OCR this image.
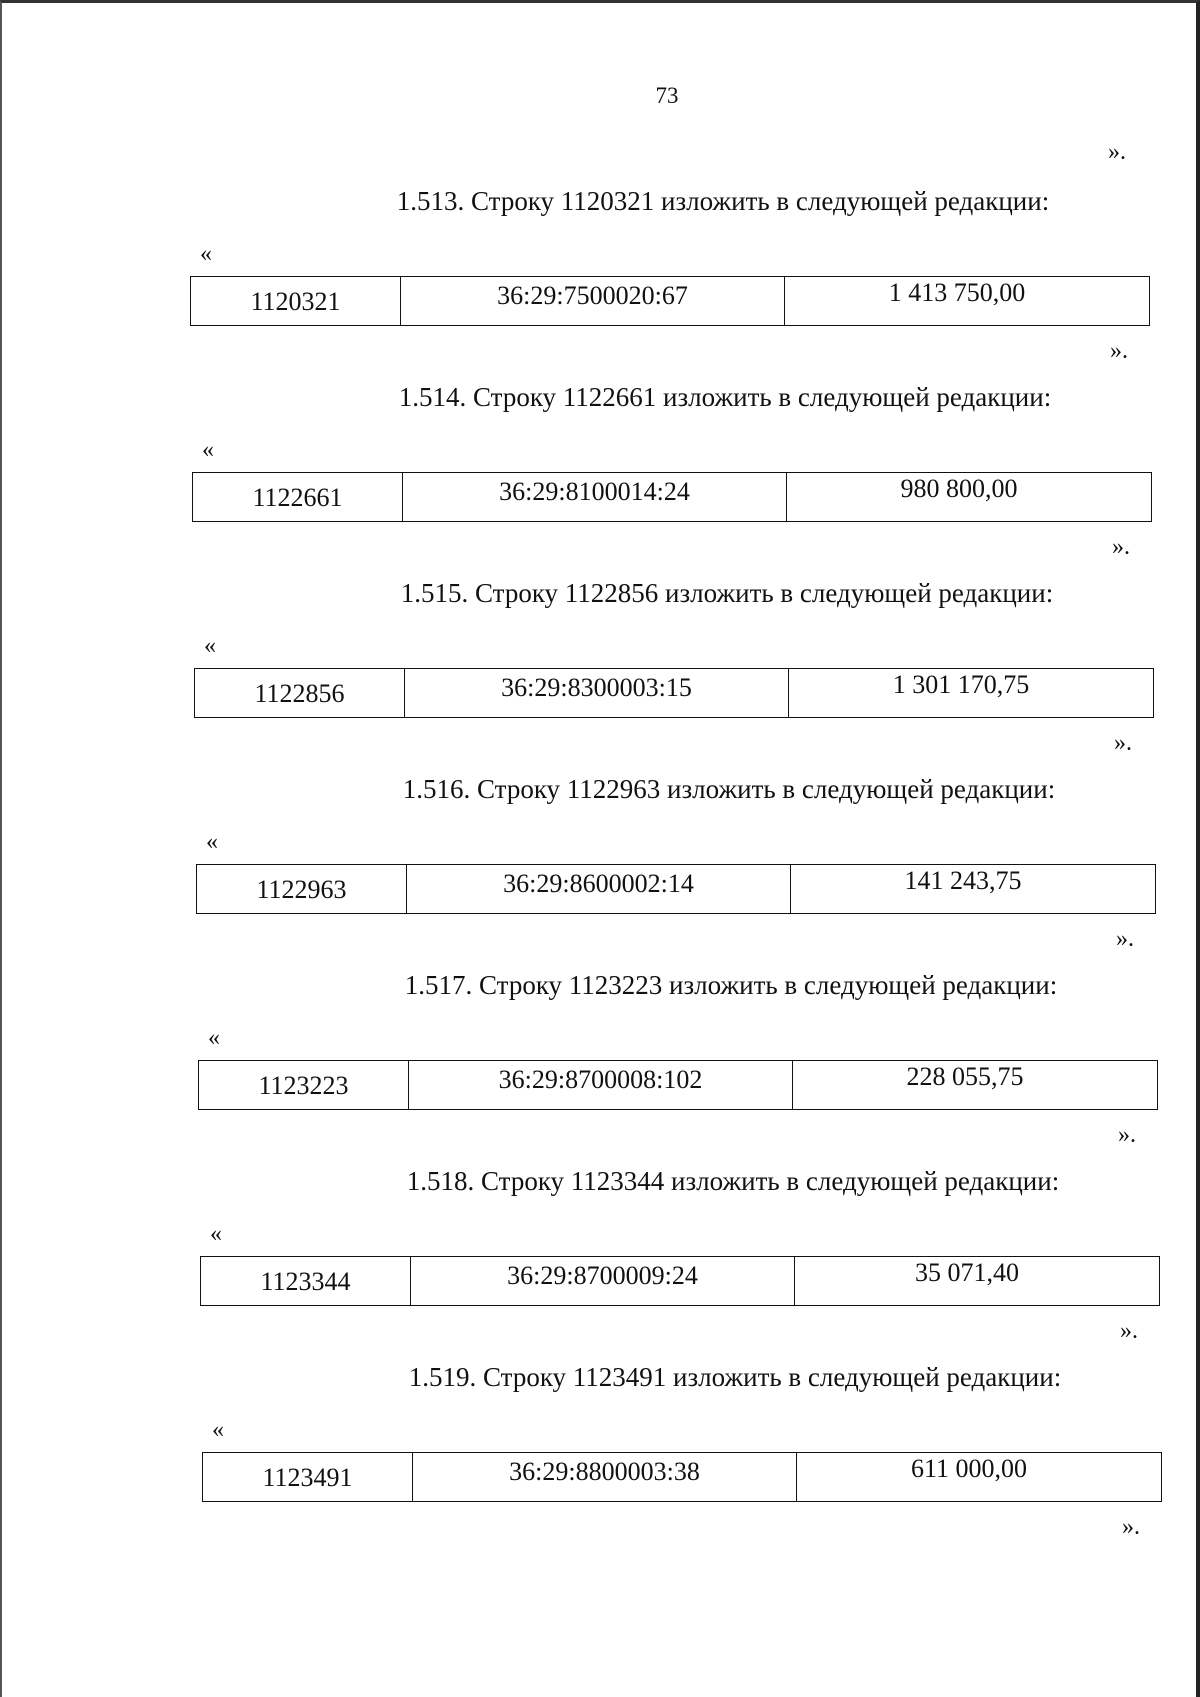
73
».
1.513. Строку 1120321 изложить в следующей редакции:
«
1120321	36:29:7500020:67	1 413 750,00
».
1.514. Строку 1122661 изложить в следующей редакции:
«
1122661	36:29:8100014:24	980 800,00
».
1.515. Строку 1122856 изложить в следующей редакции:
«
1122856	36:29:8300003:15	1 301 170,75
».
1.516. Строку 1122963 изложить в следующей редакции:
«
1122963	36:29:8600002:14	141 243,75
».
1.517. Строку 1123223 изложить в следующей редакции:
«
1123223	36:29:8700008:102	228 055,75
».
1.518. Строку 1123344 изложить в следующей редакции:
«
1123344	36:29:8700009:24	35 071,40
».
1.519. Строку 1123491 изложить в следующей редакции:
«
1123491	36:29:8800003:38	611 000,00
».
